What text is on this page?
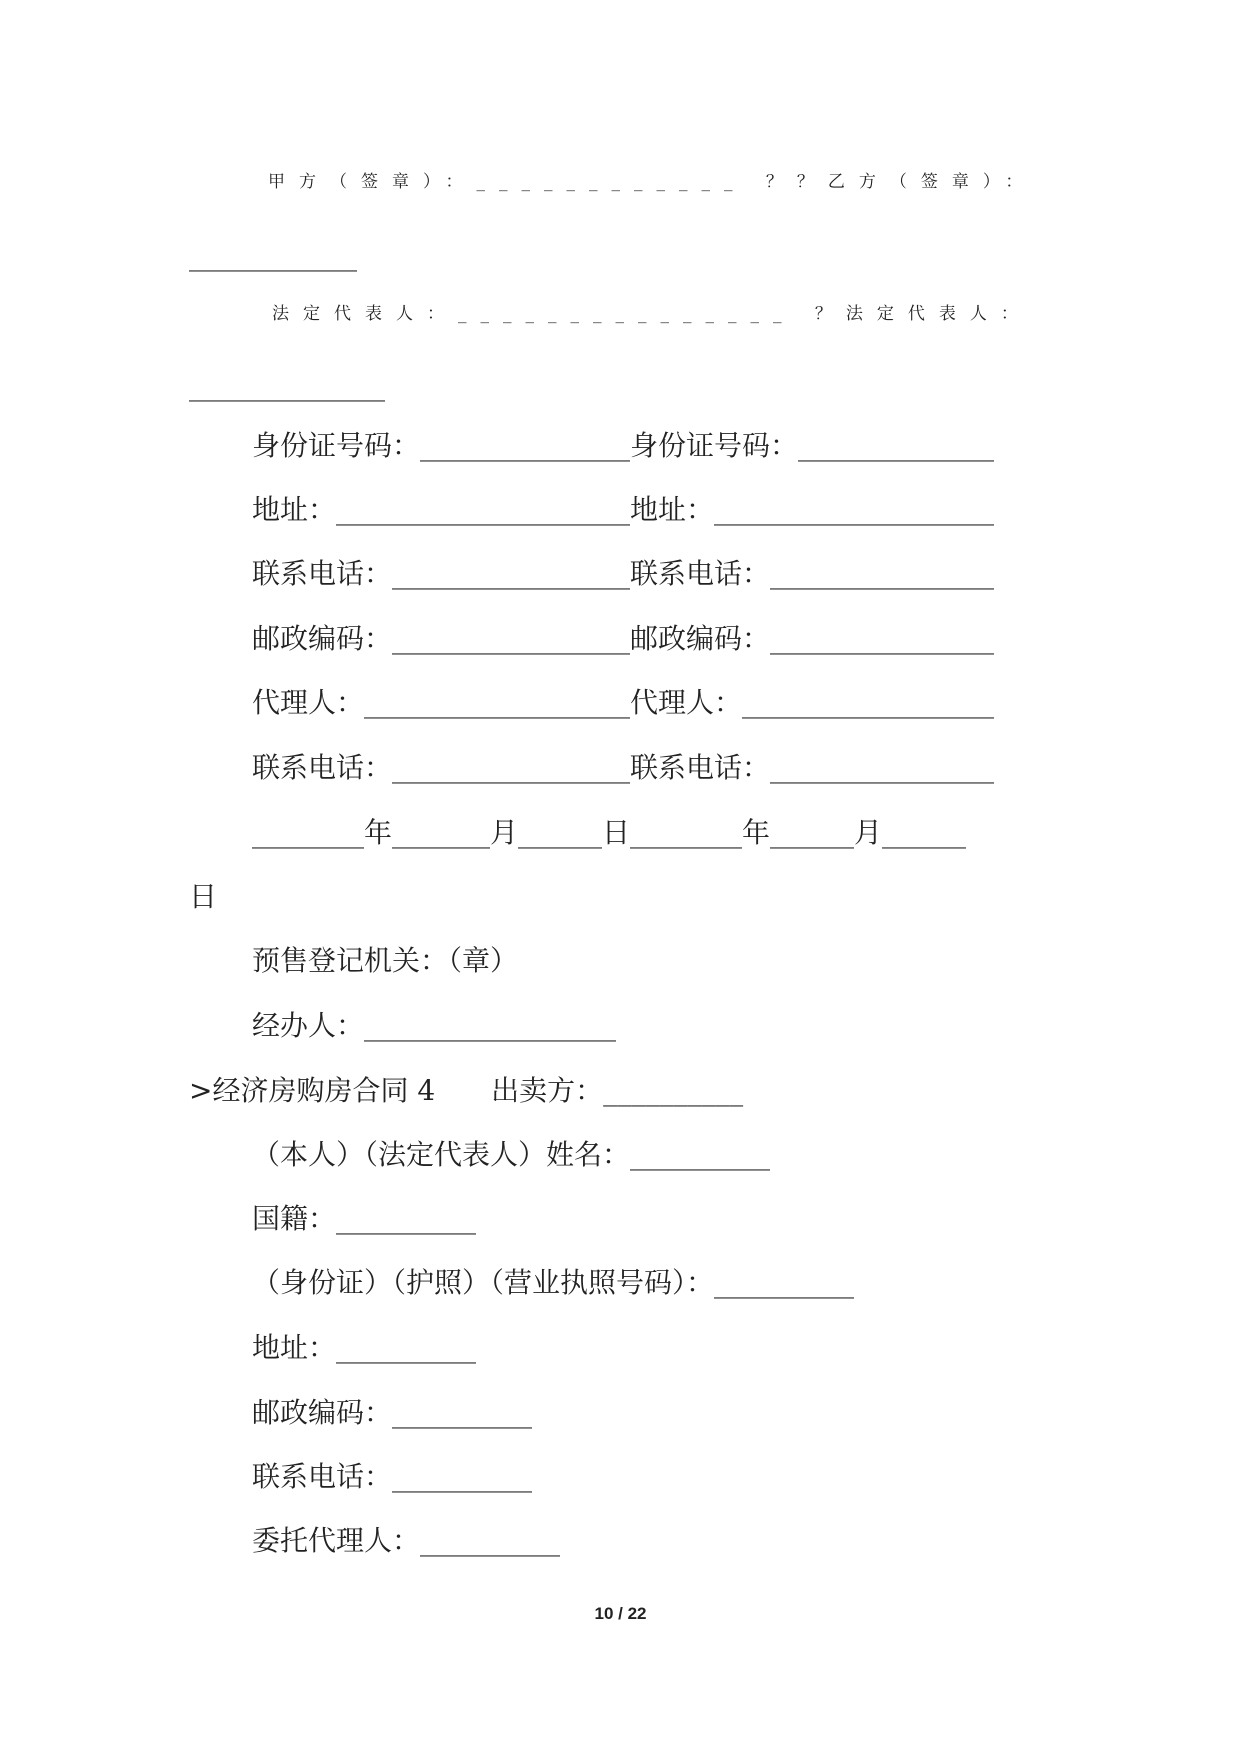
甲方（签章）：____________ ？？乙方（签章）：

____________

法定代表人：_______________ ？法定代表人：

______________

身份证号码：_______________身份证号码：______________

地址：_____________________地址：____________________

联系电话：_________________联系电话：________________

邮政编码：_________________邮政编码：________________

代理人：___________________代理人：__________________

联系电话：_________________联系电话：________________

________年_______月______日________年______月______

日

预售登记机关：（章）

经办人：__________________

>经济房购房合同 4　　出卖方：__________

（本人）（法定代表人）姓名：__________

国籍：__________

（身份证）（护照）（营业执照号码）：__________

地址：__________

邮政编码：__________

联系电话：__________

委托代理人：__________

10 / 22
